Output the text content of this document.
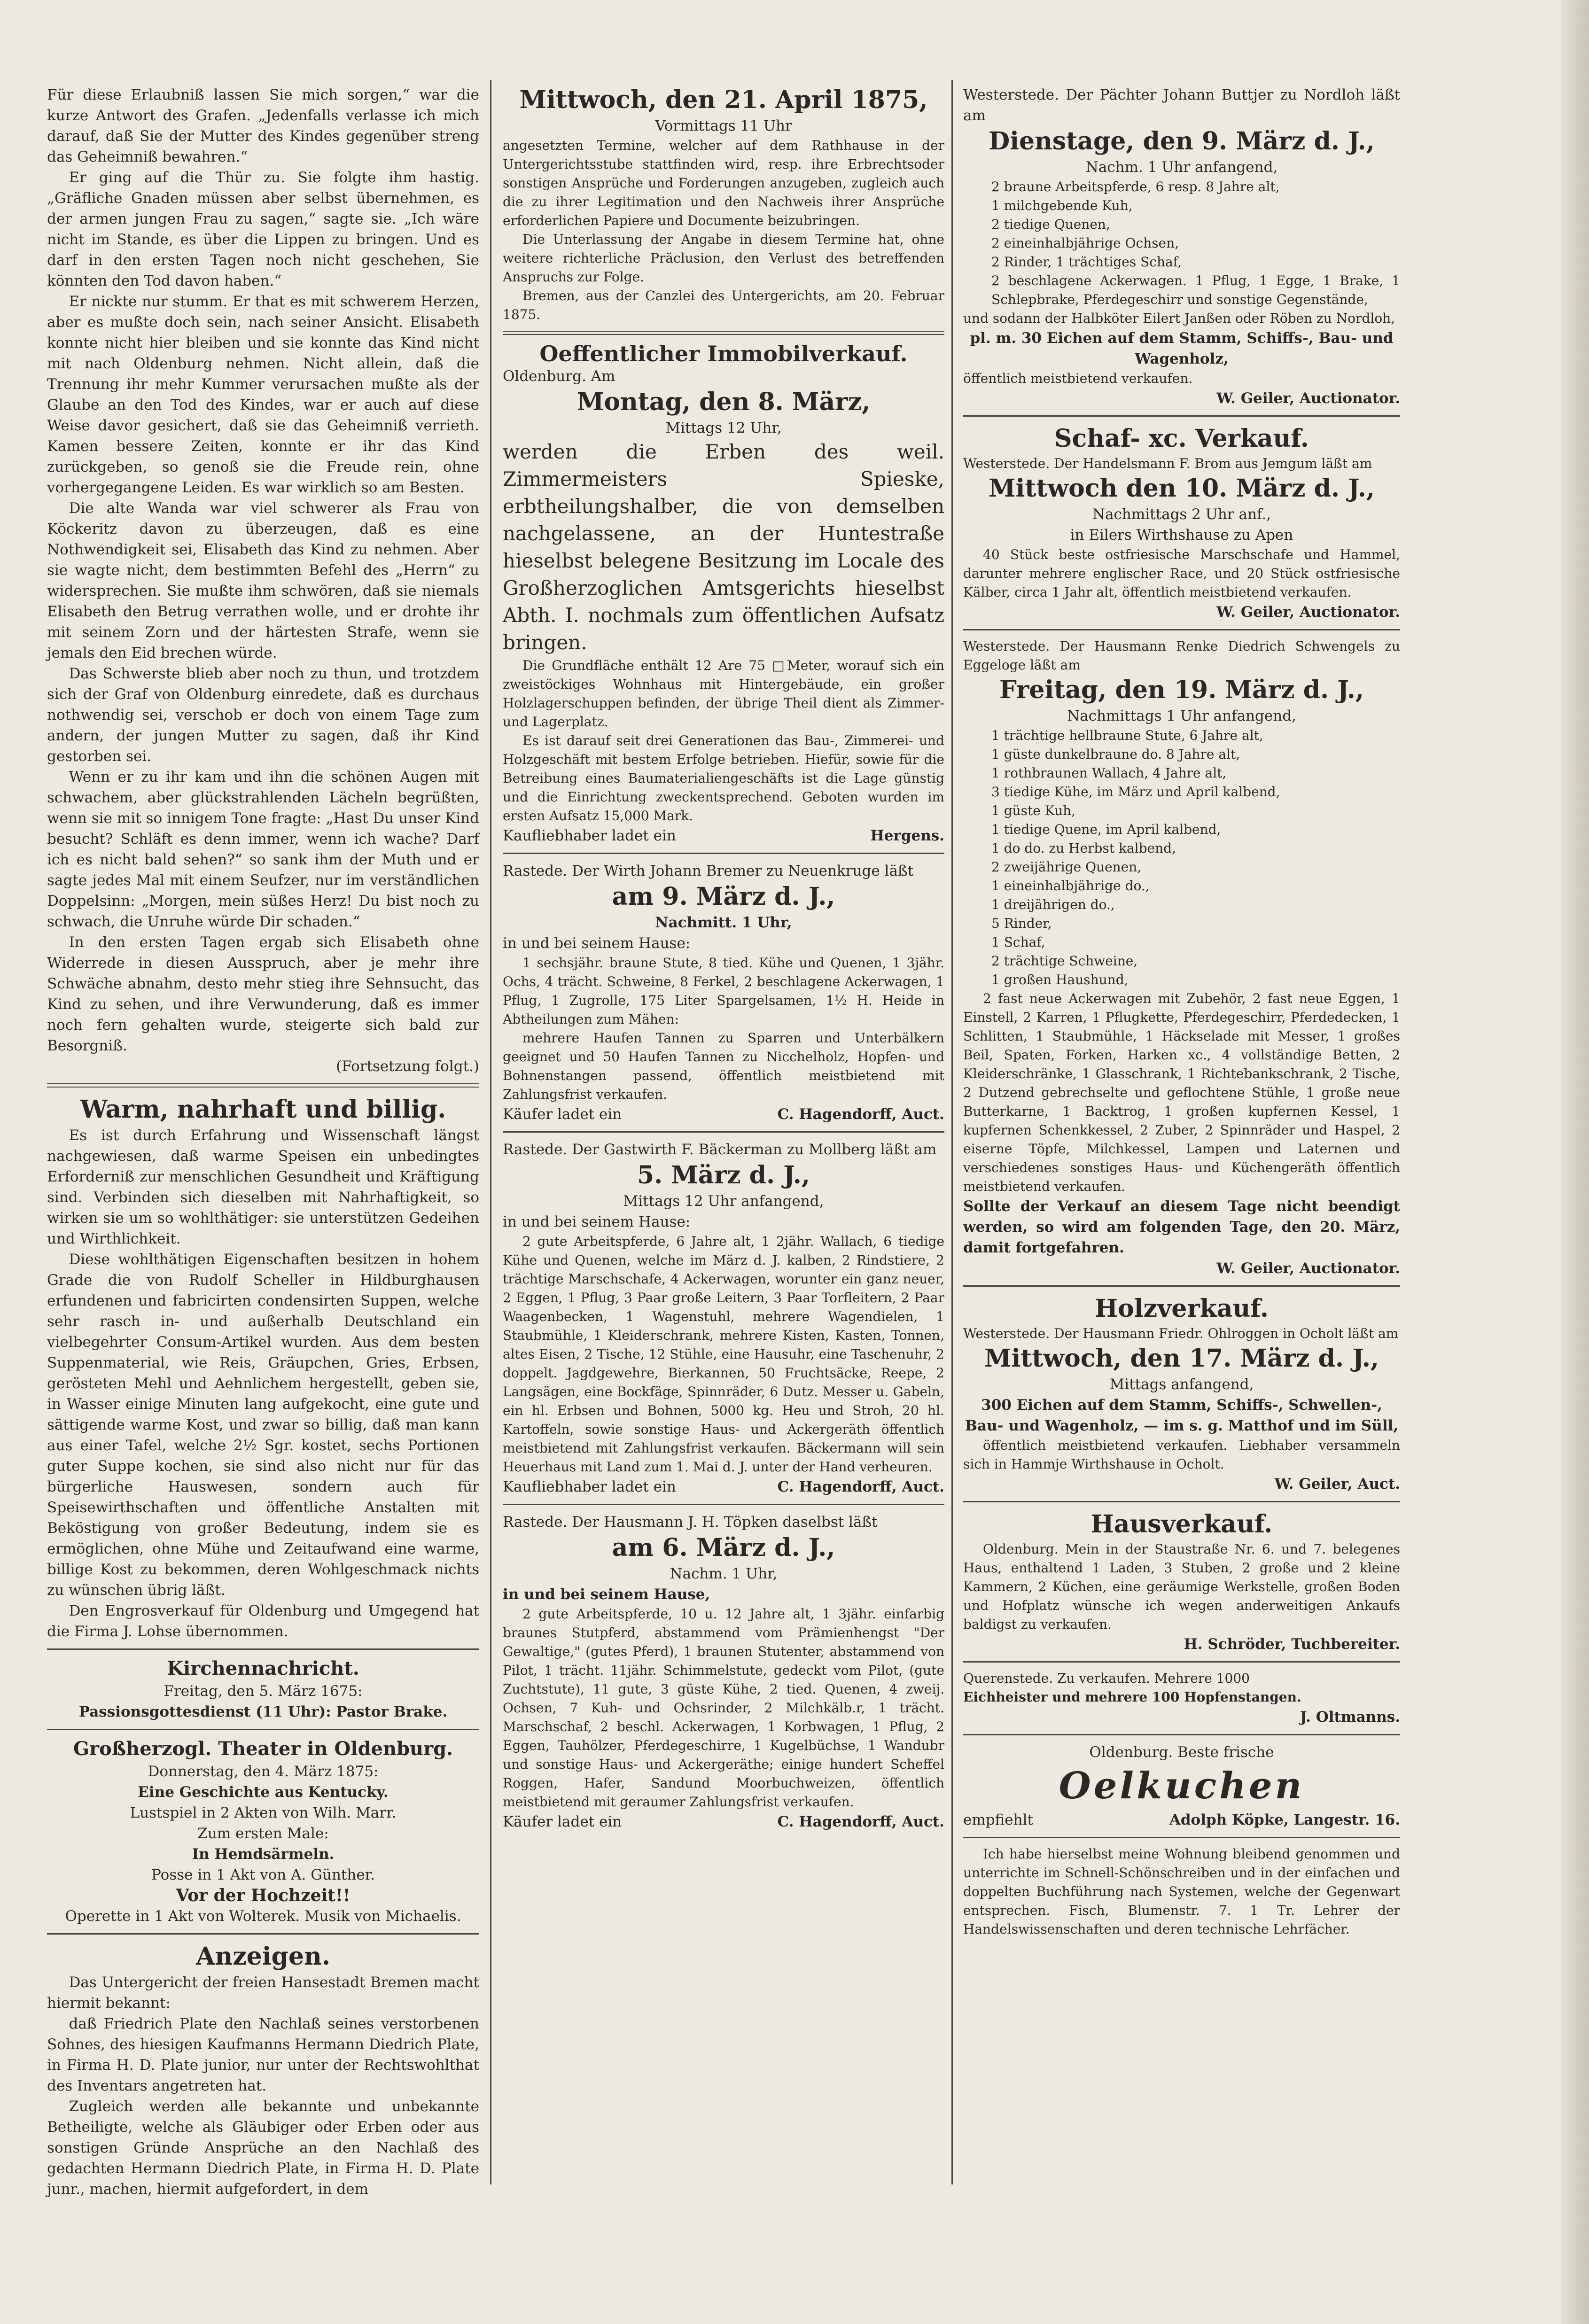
Für diese Erlaubniß lassen Sie mich sorgen,“ war die kurze Antwort des Grafen. „Jedenfalls verlasse ich mich darauf, daß Sie der Mutter des Kindes gegenüber streng das Geheimniß bewahren.“

Er ging auf die Thür zu. Sie folgte ihm hastig. „Gräfliche Gnaden müssen aber selbst übernehmen, es der armen jungen Frau zu sagen,“ sagte sie. „Ich wäre nicht im Stande, es über die Lippen zu bringen. Und es darf in den ersten Tagen noch nicht geschehen, Sie könnten den Tod davon haben.“

Er nickte nur stumm. Er that es mit schwerem Herzen, aber es mußte doch sein, nach seiner Ansicht. Elisabeth konnte nicht hier bleiben und sie konnte das Kind nicht mit nach Oldenburg nehmen. Nicht allein, daß die Trennung ihr mehr Kummer verursachen mußte als der Glaube an den Tod des Kindes, war er auch auf diese Weise davor gesichert, daß sie das Geheimniß verrieth. Kamen bessere Zeiten, konnte er ihr das Kind zurückgeben, so genoß sie die Freude rein, ohne vorhergegangene Leiden. Es war wirklich so am Besten.

Die alte Wanda war viel schwerer als Frau von Köckeritz davon zu überzeugen, daß es eine Nothwendigkeit sei, Elisabeth das Kind zu nehmen. Aber sie wagte nicht, dem bestimmten Befehl des „Herrn“ zu widersprechen. Sie mußte ihm schwören, daß sie niemals Elisabeth den Betrug verrathen wolle, und er drohte ihr mit seinem Zorn und der härtesten Strafe, wenn sie jemals den Eid brechen würde.

Das Schwerste blieb aber noch zu thun, und trotzdem sich der Graf von Oldenburg einredete, daß es durchaus nothwendig sei, verschob er doch von einem Tage zum andern, der jungen Mutter zu sagen, daß ihr Kind gestorben sei.

Wenn er zu ihr kam und ihn die schönen Augen mit schwachem, aber glückstrahlenden Lächeln begrüßten, wenn sie mit so innigem Tone fragte: „Hast Du unser Kind besucht? Schläft es denn immer, wenn ich wache? Darf ich es nicht bald sehen?“ so sank ihm der Muth und er sagte jedes Mal mit einem Seufzer, nur im verständlichen Doppelsinn: „Morgen, mein süßes Herz! Du bist noch zu schwach, die Unruhe würde Dir schaden.“

In den ersten Tagen ergab sich Elisabeth ohne Widerrede in diesen Ausspruch, aber je mehr ihre Schwäche abnahm, desto mehr stieg ihre Sehnsucht, das Kind zu sehen, und ihre Verwunderung, daß es immer noch fern gehalten wurde, steigerte sich bald zur Besorgniß.

(Fortsetzung folgt.)

Warm, nahrhaft und billig.

Es ist durch Erfahrung und Wissenschaft längst nachgewiesen, daß warme Speisen ein unbedingtes Erforderniß zur menschlichen Gesundheit und Kräftigung sind. Verbinden sich dieselben mit Nahrhaftigkeit, so wirken sie um so wohlthätiger: sie unterstützen Gedeihen und Wirthlichkeit.

Diese wohlthätigen Eigenschaften besitzen in hohem Grade die von Rudolf Scheller in Hildburghausen erfundenen und fabricirten condensirten Suppen, welche sehr rasch in- und außerhalb Deutschland ein vielbegehrter Consum-Artikel wurden. Aus dem besten Suppenmaterial, wie Reis, Gräupchen, Gries, Erbsen, gerösteten Mehl und Aehnlichem hergestellt, geben sie, in Wasser einige Minuten lang aufgekocht, eine gute und sättigende warme Kost, und zwar so billig, daß man kann aus einer Tafel, welche 2½ Sgr. kostet, sechs Portionen guter Suppe kochen, sie sind also nicht nur für das bürgerliche Hauswesen, sondern auch für Speisewirthschaften und öffentliche Anstalten mit Beköstigung von großer Bedeutung, indem sie es ermöglichen, ohne Mühe und Zeitaufwand eine warme, billige Kost zu bekommen, deren Wohlgeschmack nichts zu wünschen übrig läßt.

Den Engrosverkauf für Oldenburg und Umgegend hat die Firma J. Lohse übernommen.

Kirchennachricht.

Freitag, den 5. März 1675:

Passionsgottesdienst (11 Uhr): Pastor Brake.

Großherzogl. Theater in Oldenburg.

Donnerstag, den 4. März 1875:

Eine Geschichte aus Kentucky.

Lustspiel in 2 Akten von Wilh. Marr.

Zum ersten Male:

In Hemdsärmeln.

Posse in 1 Akt von A. Günther.

Vor der Hochzeit!!

Operette in 1 Akt von Wolterek. Musik von Michaelis.

Anzeigen.

Das Untergericht der freien Hansestadt Bremen macht hiermit bekannt:

daß Friedrich Plate den Nachlaß seines verstorbenen Sohnes, des hiesigen Kaufmanns Hermann Diedrich Plate, in Firma H. D. Plate junior, nur unter der Rechtswohlthat des Inventars angetreten hat.

Zugleich werden alle bekannte und unbekannte Betheiligte, welche als Gläubiger oder Erben oder aus sonstigen Gründe Ansprüche an den Nachlaß des gedachten Hermann Diedrich Plate, in Firma H. D. Plate junr., machen, hiermit aufgefordert, in dem

Mittwoch, den 21. April 1875,

Vormittags 11 Uhr

angesetzten Termine, welcher auf dem Rathhause in der Untergerichtsstube stattfinden wird, resp. ihre Erbrechtsoder sonstigen Ansprüche und Forderungen anzugeben, zugleich auch die zu ihrer Legitimation und den Nachweis ihrer Ansprüche erforderlichen Papiere und Documente beizubringen.

Die Unterlassung der Angabe in diesem Termine hat, ohne weitere richterliche Präclusion, den Verlust des betreffenden Anspruchs zur Folge.

Bremen, aus der Canzlei des Untergerichts, am 20. Februar 1875.

Oeffentlicher Immobilverkauf.

Oldenburg. Am

Montag, den 8. März,

Mittags 12 Uhr,

werden die Erben des weil. Zimmermeisters Spieske, erbtheilungshalber, die von demselben nachgelassene, an der Huntestraße hieselbst belegene Besitzung im Locale des Großherzoglichen Amtsgerichts hieselbst Abth. I. nochmals zum öffentlichen Aufsatz bringen.

Die Grundfläche enthält 12 Are 75 □Meter, worauf sich ein zweistöckiges Wohnhaus mit Hintergebäude, ein großer Holzlagerschuppen befinden, der übrige Theil dient als Zimmer- und Lagerplatz.

Es ist darauf seit drei Generationen das Bau-, Zimmerei- und Holzgeschäft mit bestem Erfolge betrieben. Hiefür, sowie für die Betreibung eines Baumaterialiengeschäfts ist die Lage günstig und die Einrichtung zweckentsprechend. Geboten wurden im ersten Aufsatz 15,000 Mark.

Kaufliebhaber ladet ein	Hergens.

Rastede. Der Wirth Johann Bremer zu Neuenkruge läßt

am 9. März d. J.,

Nachmitt. 1 Uhr,

in und bei seinem Hause:

1 sechsjähr. braune Stute, 8 tied. Kühe und Quenen, 1 3jähr. Ochs, 4 trächt. Schweine, 8 Ferkel, 2 beschlagene Ackerwagen, 1 Pflug, 1 Zugrolle, 175 Liter Spargelsamen, 1½ H. Heide in Abtheilungen zum Mähen:

mehrere Haufen Tannen zu Sparren und Unterbälkern geeignet und 50 Haufen Tannen zu Nicchelholz, Hopfen- und Bohnenstangen passend, öffentlich meistbietend mit Zahlungsfrist verkaufen.

Käufer ladet ein	C. Hagendorff, Auct.

Rastede. Der Gastwirth F. Bäckerman zu Mollberg läßt am

5. März d. J.,

Mittags 12 Uhr anfangend,

in und bei seinem Hause:

2 gute Arbeitspferde, 6 Jahre alt, 1 2jähr. Wallach, 6 tiedige Kühe und Quenen, welche im März d. J. kalben, 2 Rindstiere, 2 trächtige Marschschafe, 4 Ackerwagen, worunter ein ganz neuer, 2 Eggen, 1 Pflug, 3 Paar große Leitern, 3 Paar Torfleitern, 2 Paar Waagenbecken, 1 Wagenstuhl, mehrere Wagendielen, 1 Staubmühle, 1 Kleiderschrank, mehrere Kisten, Kasten, Tonnen, altes Eisen, 2 Tische, 12 Stühle, eine Hausuhr, eine Taschenuhr, 2 doppelt. Jagdgewehre, Bierkannen, 50 Fruchtsäcke, Reepe, 2 Langsägen, eine Bockfäge, Spinnräder, 6 Dutz. Messer u. Gabeln, ein hl. Erbsen und Bohnen, 5000 kg. Heu und Stroh, 20 hl. Kartoffeln, sowie sonstige Haus- und Ackergeräth öffentlich meistbietend mit Zahlungsfrist verkaufen. Bäckermann will sein Heuerhaus mit Land zum 1. Mai d. J. unter der Hand verheuren.

Kaufliebhaber ladet ein	C. Hagendorff, Auct.

Rastede. Der Hausmann J. H. Töpken daselbst läßt

am 6. März d. J.,

Nachm. 1 Uhr,

in und bei seinem Hause,

2 gute Arbeitspferde, 10 u. 12 Jahre alt, 1 3jähr. einfarbig braunes Stutpferd, abstammend vom Prämienhengst "Der Gewaltige," (gutes Pferd), 1 braunen Stutenter, abstammend von Pilot, 1 trächt. 11jähr. Schimmelstute, gedeckt vom Pilot, (gute Zuchtstute), 11 gute, 3 güste Kühe, 2 tied. Quenen, 4 zweij. Ochsen, 7 Kuh- und Ochsrinder, 2 Milchkälb.r, 1 trächt. Marschschaf, 2 beschl. Ackerwagen, 1 Korbwagen, 1 Pflug, 2 Eggen, Tauhölzer, Pferdegeschirre, 1 Kugelbüchse, 1 Wandubr und sonstige Haus- und Ackergeräthe; einige hundert Scheffel Roggen, Hafer, Sandund Moorbuchweizen, öffentlich meistbietend mit geraumer Zahlungsfrist verkaufen.

Käufer ladet ein	C. Hagendorff, Auct.

Westerstede. Der Pächter Johann Buttjer zu Nordloh läßt am

Dienstage, den 9. März d. J.,

Nachm. 1 Uhr anfangend,

2 braune Arbeitspferde, 6 resp. 8 Jahre alt,
1 milchgebende Kuh,
2 tiedige Quenen,
2 eineinhalbjährige Ochsen,
2 Rinder, 1 trächtiges Schaf,
2 beschlagene Ackerwagen. 1 Pflug, 1 Egge, 1 Brake, 1 Schlepbrake, Pferdegeschirr und sonstige Gegenstände,

und sodann der Halbköter Eilert Janßen oder Röben zu Nordloh,

pl. m. 30 Eichen auf dem Stamm, Schiffs-, Bau- und Wagenholz,

öffentlich meistbietend verkaufen.

W. Geiler, Auctionator.

Schaf- xc. Verkauf.

Westerstede. Der Handelsmann F. Brom aus Jemgum läßt am

Mittwoch den 10. März d. J.,

Nachmittags 2 Uhr anf.,

in Eilers Wirthshause zu Apen

40 Stück beste ostfriesische Marschschafe und Hammel, darunter mehrere englischer Race, und 20 Stück ostfriesische Kälber, circa 1 Jahr alt, öffentlich meistbietend verkaufen.

W. Geiler, Auctionator.

Westerstede. Der Hausmann Renke Diedrich Schwengels zu Eggeloge läßt am

Freitag, den 19. März d. J.,

Nachmittags 1 Uhr anfangend,

1 trächtige hellbraune Stute, 6 Jahre alt,
1 güste dunkelbraune do. 8 Jahre alt,
1 rothbraunen Wallach, 4 Jahre alt,
3 tiedige Kühe, im März und April kalbend,
1 güste Kuh,
1 tiedige Quene, im April kalbend,
1 do do. zu Herbst kalbend,
2 zweijährige Quenen,
1 eineinhalbjährige do.,
1 dreijährigen do.,
5 Rinder,
1 Schaf,
2 trächtige Schweine,
1 großen Haushund,

2 fast neue Ackerwagen mit Zubehör, 2 fast neue Eggen, 1 Einstell, 2 Karren, 1 Pflugkette, Pferdegeschirr, Pferdedecken, 1 Schlitten, 1 Staubmühle, 1 Häckselade mit Messer, 1 großes Beil, Spaten, Forken, Harken xc., 4 vollständige Betten, 2 Kleiderschränke, 1 Glasschrank, 1 Richtebankschrank, 2 Tische, 2 Dutzend gebrechselte und geflochtene Stühle, 1 große neue Butterkarne, 1 Backtrog, 1 großen kupfernen Kessel, 1 kupfernen Schenkkessel, 2 Zuber, 2 Spinnräder und Haspel, 2 eiserne Töpfe, Milchkessel, Lampen und Laternen und verschiedenes sonstiges Haus- und Küchengeräth öffentlich meistbietend verkaufen.

Sollte der Verkauf an diesem Tage nicht beendigt werden, so wird am folgenden Tage, den 20. März, damit fortgefahren.

W. Geiler, Auctionator.

Holzverkauf.

Westerstede. Der Hausmann Friedr. Ohlroggen in Ocholt läßt am

Mittwoch, den 17. März d. J.,

Mittags anfangend,

300 Eichen auf dem Stamm, Schiffs-, Schwellen-, Bau- und Wagenholz, — im s. g. Matthof und im Süll,

öffentlich meistbietend verkaufen. Liebhaber versammeln sich in Hammje Wirthshause in Ocholt.

W. Geiler, Auct.

Hausverkauf.

Oldenburg. Mein in der Staustraße Nr. 6. und 7. belegenes Haus, enthaltend 1 Laden, 3 Stuben, 2 große und 2 kleine Kammern, 2 Küchen, eine geräumige Werkstelle, großen Boden und Hofplatz wünsche ich wegen anderweitigen Ankaufs baldigst zu verkaufen.

H. Schröder, Tuchbereiter.

Querenstede. Zu verkaufen. Mehrere 1000

Eichheister und mehrere 100 Hopfenstangen.

J. Oltmanns.

Oldenburg. Beste frische

Oelkuchen
empfiehlt	Adolph Köpke, Langestr. 16.

Ich habe hierselbst meine Wohnung bleibend genommen und unterrichte im Schnell-Schönschreiben und in der einfachen und doppelten Buchführung nach Systemen, welche der Gegenwart entsprechen. Fisch, Blumenstr. 7. 1 Tr. Lehrer der Handelswissenschaften und deren technische Lehrfächer.
